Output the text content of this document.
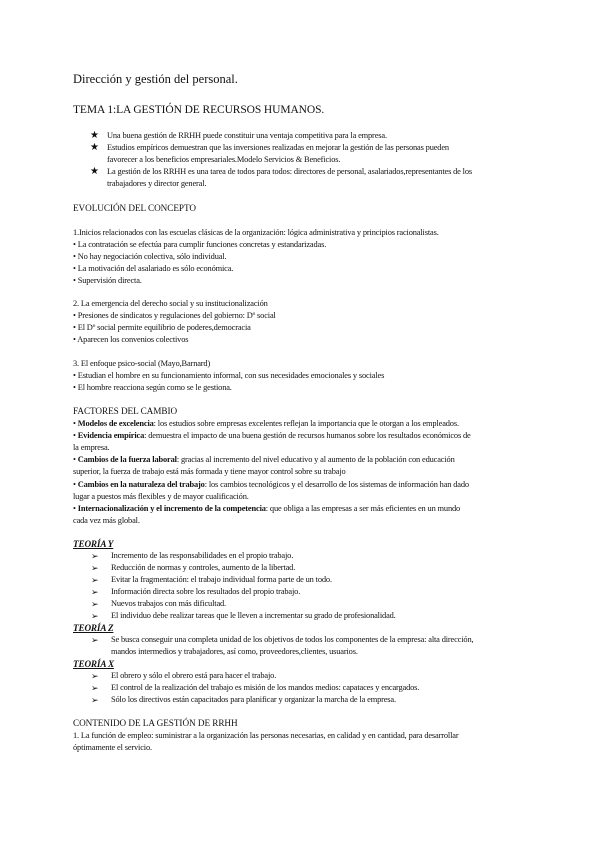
Dirección y gestión del personal.
TEMA 1:LA GESTIÓN DE RECURSOS HUMANOS.
★ Una buena gestión de RRHH puede constituir una ventaja competitiva para la empresa.
★ Estudios empíricos demuestran que las inversiones realizadas en mejorar la gestión de las personas pueden
favorecer a los beneficios empresariales.Modelo Servicios & Beneficios.
★ La gestión de los RRHH es una tarea de todos para todos: directores de personal, asalariados,representantes de los
trabajadores y director general.
EVOLUCIÓN DEL CONCEPTO
1.Inicios relacionados con las escuelas clásicas de la organización: lógica administrativa y principios racionalistas.
• La contratación se efectúa para cumplir funciones concretas y estandarizadas.
• No hay negociación colectiva, sólo individual.
• La motivación del asalariado es sólo económica.
• Supervisión directa.
2. La emergencia del derecho social y su institucionalización
• Presiones de sindicatos y regulaciones del gobierno: Dº social
• El Dº social permite equilibrio de poderes,democracia
• Aparecen los convenios colectivos
3. El enfoque psico-social (Mayo,Barnard)
• Estudian el hombre en su funcionamiento informal, con sus necesidades emocionales y sociales
• El hombre reacciona según como se le gestiona.
FACTORES DEL CAMBIO
• Modelos de excelencia: los estudios sobre empresas excelentes reflejan la importancia que le otorgan a los empleados.
• Evidencia empírica: demuestra el impacto de una buena gestión de recursos humanos sobre los resultados económicos de
la empresa.
• Cambios de la fuerza laboral: gracias al incremento del nivel educativo y al aumento de la población con educación
superior, la fuerza de trabajo está más formada y tiene mayor control sobre su trabajo
• Cambios en la naturaleza del trabajo: los cambios tecnológicos y el desarrollo de los sistemas de información han dado
lugar a puestos más flexibles y de mayor cualificación.
• Internacionalización y el incremento de la competencia: que obliga a las empresas a ser más eficientes en un mundo
cada vez más global.
TEORÍA Y
➢ Incremento de las responsabilidades en el propio trabajo.
➢ Reducción de normas y controles, aumento de la libertad.
➢ Evitar la fragmentación: el trabajo individual forma parte de un todo.
➢ Información directa sobre los resultados del propio trabajo.
➢ Nuevos trabajos con más dificultad.
➢ El individuo debe realizar tareas que le lleven a incrementar su grado de profesionalidad.
TEORÍA Z
➢ Se busca conseguir una completa unidad de los objetivos de todos los componentes de la empresa: alta dirección,
mandos intermedios y trabajadores, así como, proveedores,clientes, usuarios.
TEORÍA X
➢ El obrero y sólo el obrero está para hacer el trabajo.
➢ El control de la realización del trabajo es misión de los mandos medios: capataces y encargados.
➢ Sólo los directivos están capacitados para planificar y organizar la marcha de la empresa.
CONTENIDO DE LA GESTIÓN DE RRHH
1. La función de empleo: suministrar a la organización las personas necesarias, en calidad y en cantidad, para desarrollar
óptimamente el servicio.
